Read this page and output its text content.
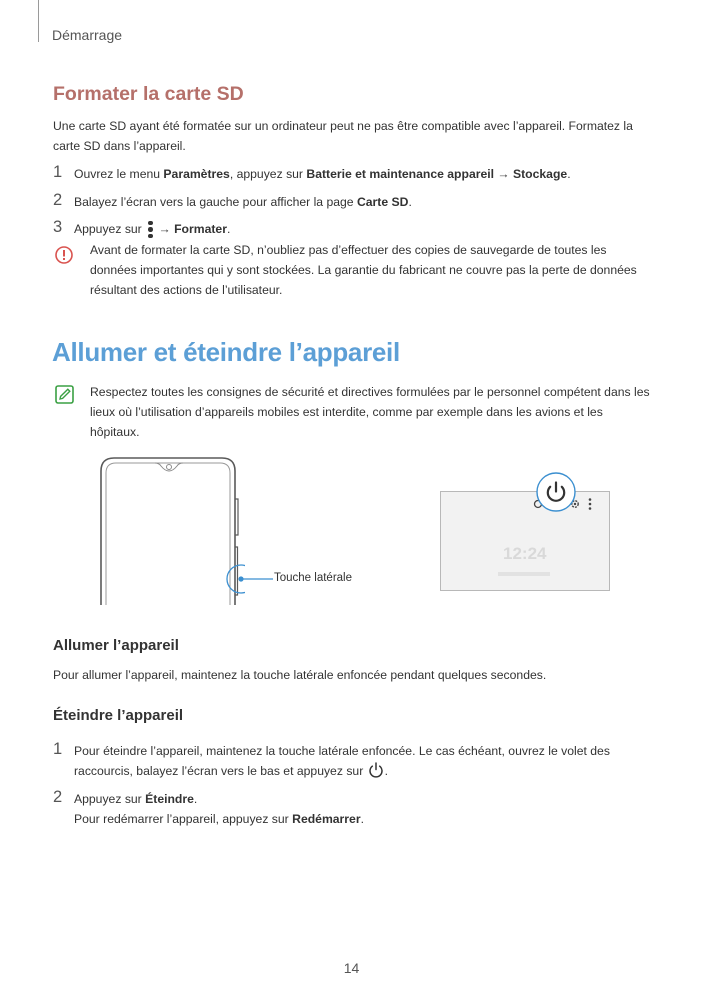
Démarrage
Formater la carte SD
Une carte SD ayant été formatée sur un ordinateur peut ne pas être compatible avec l’appareil. Formatez la carte SD dans l’appareil.
1 Ouvrez le menu Paramètres, appuyez sur Batterie et maintenance appareil → Stockage.
2 Balayez l’écran vers la gauche pour afficher la page Carte SD.
3 Appuyez sur
→ Formater.
Avant de formater la carte SD, n’oubliez pas d’effectuer des copies de sauvegarde de toutes les données importantes qui y sont stockées. La garantie du fabricant ne couvre pas la perte de données résultant des actions de l’utilisateur.
Allumer et éteindre l’appareil
Respectez toutes les consignes de sécurité et directives formulées par le personnel compétent dans les lieux où l’utilisation d’appareils mobiles est interdite, comme par exemple dans les avions et les hôpitaux.
Touche latérale
12:24
Allumer l’appareil
Pour allumer l’appareil, maintenez la touche latérale enfoncée pendant quelques secondes.
Éteindre l’appareil
1 Pour éteindre l’appareil, maintenez la touche latérale enfoncée. Le cas échéant, ouvrez le volet des raccourcis, balayez l’écran vers le bas et appuyez sur .
2 Appuyez sur Éteindre.
Pour redémarrer l’appareil, appuyez sur Redémarrer.
14
